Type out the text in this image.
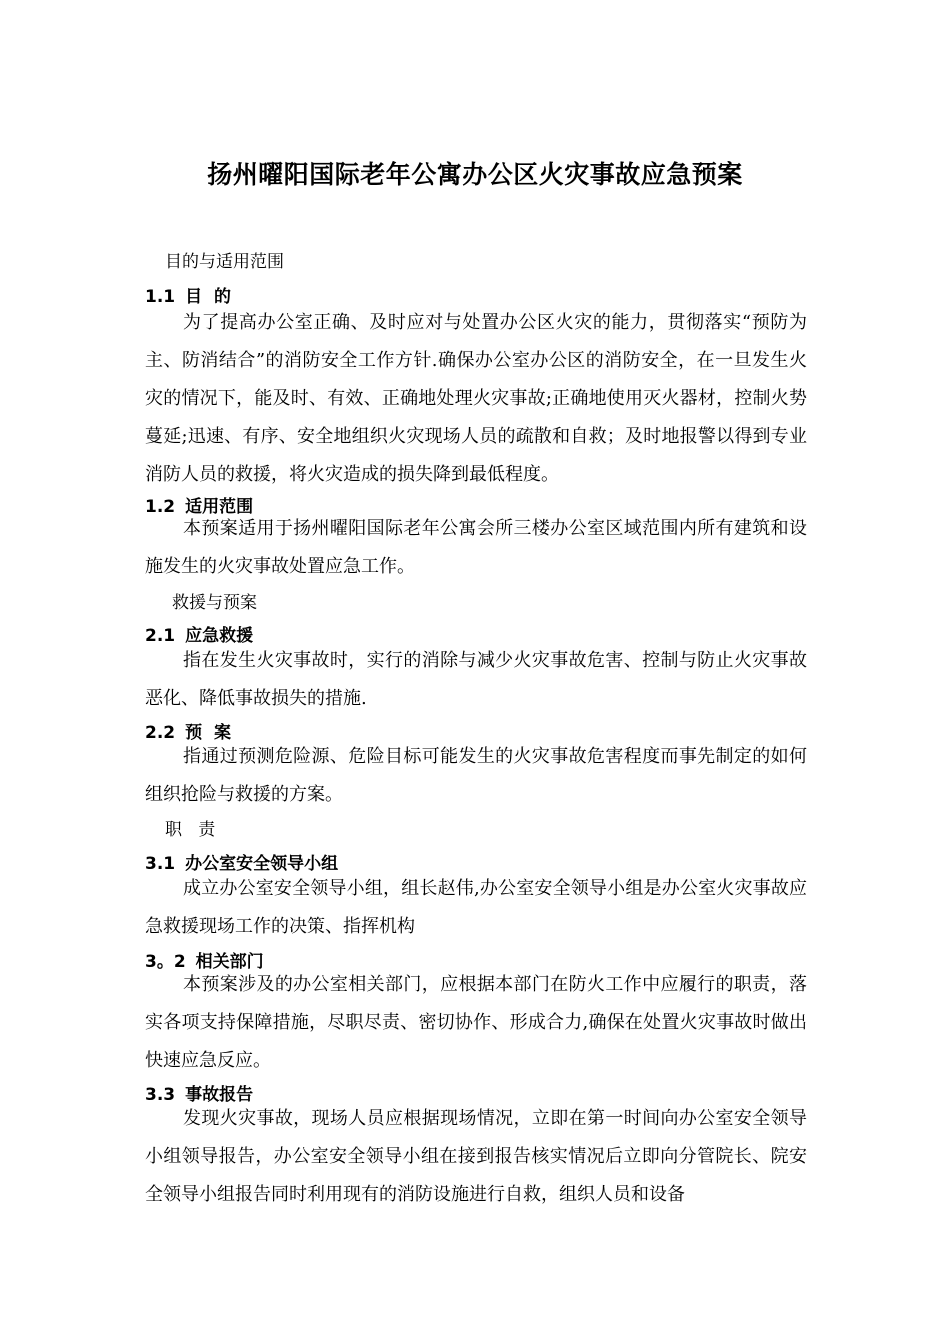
扬州曜阳国际老年公寓办公区火灾事故应急预案
目的与适用范围
1.1 目  的

为了提高办公室正确、及时应对与处置办公区火灾的能力，贯彻落实“预防为主、防消结合”的消防安全工作方针.确保办公室办公区的消防安全，在一旦发生火灾的情况下，能及时、有效、正确地处理火灾事故;正确地使用灭火器材，控制火势蔓延;迅速、有序、安全地组织火灾现场人员的疏散和自救；及时地报警以得到专业消防人员的救援，将火灾造成的损失降到最低程度。

1.2 适用范围

本预案适用于扬州曜阳国际老年公寓会所三楼办公室区域范围内所有建筑和设施发生的火灾事故处置应急工作。

救援与预案
2.1 应急救援

指在发生火灾事故时，实行的消除与减少火灾事故危害、控制与防止火灾事故恶化、降低事故损失的措施.

2.2 预  案

指通过预测危险源、危险目标可能发生的火灾事故危害程度而事先制定的如何组织抢险与救援的方案。

职   责
3.1 办公室安全领导小组

成立办公室安全领导小组，组长赵伟,办公室安全领导小组是办公室火灾事故应急救援现场工作的决策、指挥机构

3。2 相关部门

本预案涉及的办公室相关部门，应根据本部门在防火工作中应履行的职责，落实各项支持保障措施，尽职尽责、密切协作、形成合力,确保在处置火灾事故时做出快速应急反应。

3.3 事故报告

发现火灾事故，现场人员应根据现场情况，立即在第一时间向办公室安全领导小组领导报告，办公室安全领导小组在接到报告核实情况后立即向分管院长、院安全领导小组报告同时利用现有的消防设施进行自救，组织人员和设备
